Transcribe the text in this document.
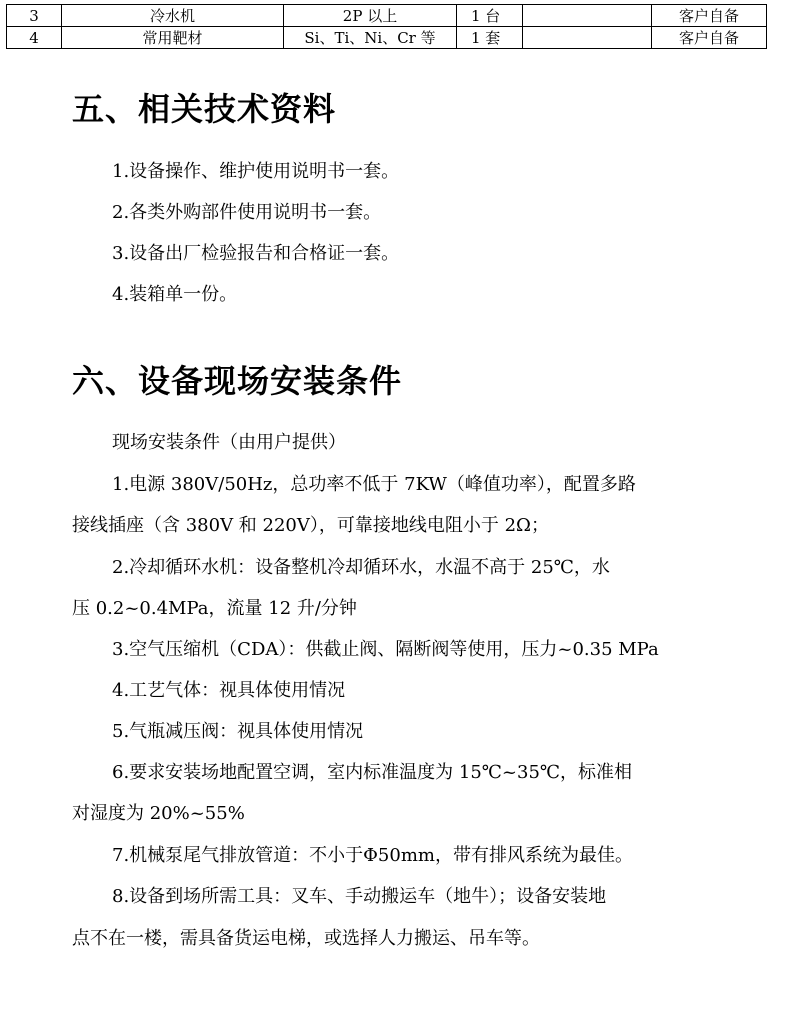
3	冷水机	2P 以上	1 台		客户自备
4	常用靶材	Si、Ti、Ni、Cr 等	1 套		客户自备
五、相关技术资料

1.设备操作、维护使用说明书一套。

2.各类外购部件使用说明书一套。

3.设备出厂检验报告和合格证一套。

4.装箱单一份。

六、设备现场安装条件

现场安装条件（由用户提供）

1.电源 380V/50Hz，总功率不低于 7KW（峰值功率），配置多路

接线插座（含 380V 和 220V），可靠接地线电阻小于 2Ω；

2.冷却循环水机：设备整机冷却循环水，水温不高于 25℃，水

压 0.2~0.4MPa，流量 12 升/分钟

3.空气压缩机（CDA）：供截止阀、隔断阀等使用，压力~0.35 MPa

4.工艺气体：视具体使用情况

5.气瓶减压阀：视具体使用情况

6.要求安装场地配置空调，室内标准温度为 15℃~35℃，标准相

对湿度为 20%~55%

7.机械泵尾气排放管道：不小于Φ50mm，带有排风系统为最佳。

8.设备到场所需工具：叉车、手动搬运车（地牛）；设备安装地

点不在一楼，需具备货运电梯，或选择人力搬运、吊车等。
